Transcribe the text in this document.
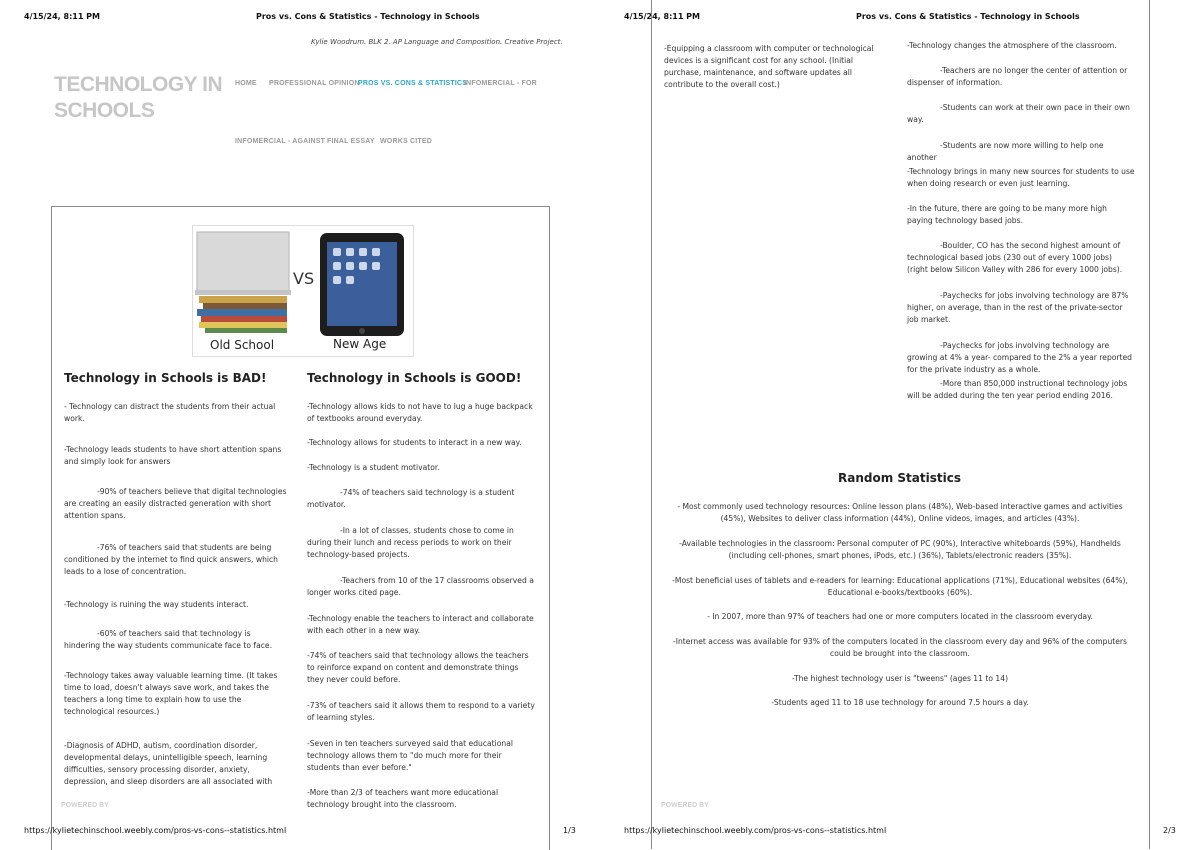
4/15/24, 8:11 PM	Pros vs. Cons & Statistics - Technology in Schools
Kylie Woodrum. BLK 2. AP Language and Composition. Creative Project.
TECHNOLOGY IN
SCHOOLS
HOME PROFESSIONAL OPINION
PROS VS. CONS & STATISTICS
INFOMERCIAL - FOR
INFOMERCIAL - AGAINST FINAL ESSAY WORKS CITED
VS
Old School	New Age
Technology in Schools is BAD!
- Technology can distract the students from their actual work.
-Technology leads students to have short attention spans and simply look for answers
-90% of teachers believe that digital technologies are creating an easily distracted generation with short attention spans.
-76% of teachers said that students are being conditioned by the internet to find quick answers, which leads to a lose of concentration.
-Technology is ruining the way students interact.
-60% of teachers said that technology is hindering the way students communicate face to face.
-Technology takes away valuable learning time. (It takes time to load, doesn't always save work, and takes the teachers a long time to explain how to use the technological resources.)
-Diagnosis of ADHD, autism, coordination disorder, developmental delays, unintelligible speech, learning difficulties, sensory processing disorder, anxiety, depression, and sleep disorders are all associated with
Technology in Schools is GOOD!
-Technology allows kids to not have to lug a huge backpack of textbooks around everyday.
-Technology allows for students to interact in a new way.
-Technology is a student motivator.
-74% of teachers said technology is a student motivator.
-In a lot of classes, students chose to come in during their lunch and recess periods to work on their technology-based projects.
-Teachers from 10 of the 17 classrooms observed a longer works cited page.
-Technology enable the teachers to interact and collaborate with each other in a new way.
-74% of teachers said that technology allows the teachers to reinforce expand on content and demonstrate things they never could before.
-73% of teachers said it allows them to respond to a variety of learning styles.
-Seven in ten teachers surveyed said that educational technology allows them to "do much more for their students than ever before."
-More than 2/3 of teachers want more educational technology brought into the classroom.
POWERED BY
https://kylietechinschool.weebly.com/pros-vs-cons--statistics.html	1/3
4/15/24, 8:11 PM	Pros vs. Cons & Statistics - Technology in Schools
-Equipping a classroom with computer or technological devices is a significant cost for any school. (Initial purchase, maintenance, and software updates all contribute to the overall cost.)
-Technology changes the atmosphere of the classroom.
-Teachers are no longer the center of attention or dispenser of information.
-Students can work at their own pace in their own way.
-Students are now more willing to help one another
-Technology brings in many new sources for students to use when doing research or even just learning.
-In the future, there are going to be many more high paying technology based jobs.
-Boulder, CO has the second highest amount of technological based jobs (230 out of every 1000 jobs) (right below Silicon Valley with 286 for every 1000 jobs).
-Paychecks for jobs involving technology are 87% higher, on average, than in the rest of the private-sector job market.
-Paychecks for jobs involving technology are growing at 4% a year- compared to the 2% a year reported for the private industry as a whole.
-More than 850,000 instructional technology jobs will be added during the ten year period ending 2016.
Random Statistics
- Most commonly used technology resources: Online lesson plans (48%), Web-based interactive games and activities (45%), Websites to deliver class information (44%), Online videos, images, and articles (43%).
-Available technologies in the classroom: Personal computer of PC (90%), Interactive whiteboards (59%), Handhelds (including cell-phones, smart phones, iPods, etc.) (36%), Tablets/electronic readers (35%).
-Most beneficial uses of tablets and e-readers for learning: Educational applications (71%), Educational websites (64%), Educational e-books/textbooks (60%).
- In 2007, more than 97% of teachers had one or more computers located in the classroom everyday.
-Internet access was available for 93% of the computers located in the classroom every day and 96% of the computers could be brought into the classroom.
-The highest technology user is "tweens" (ages 11 to 14)
-Students aged 11 to 18 use technology for around 7.5 hours a day.
POWERED BY
https://kylietechinschool.weebly.com/pros-vs-cons--statistics.html	2/3
